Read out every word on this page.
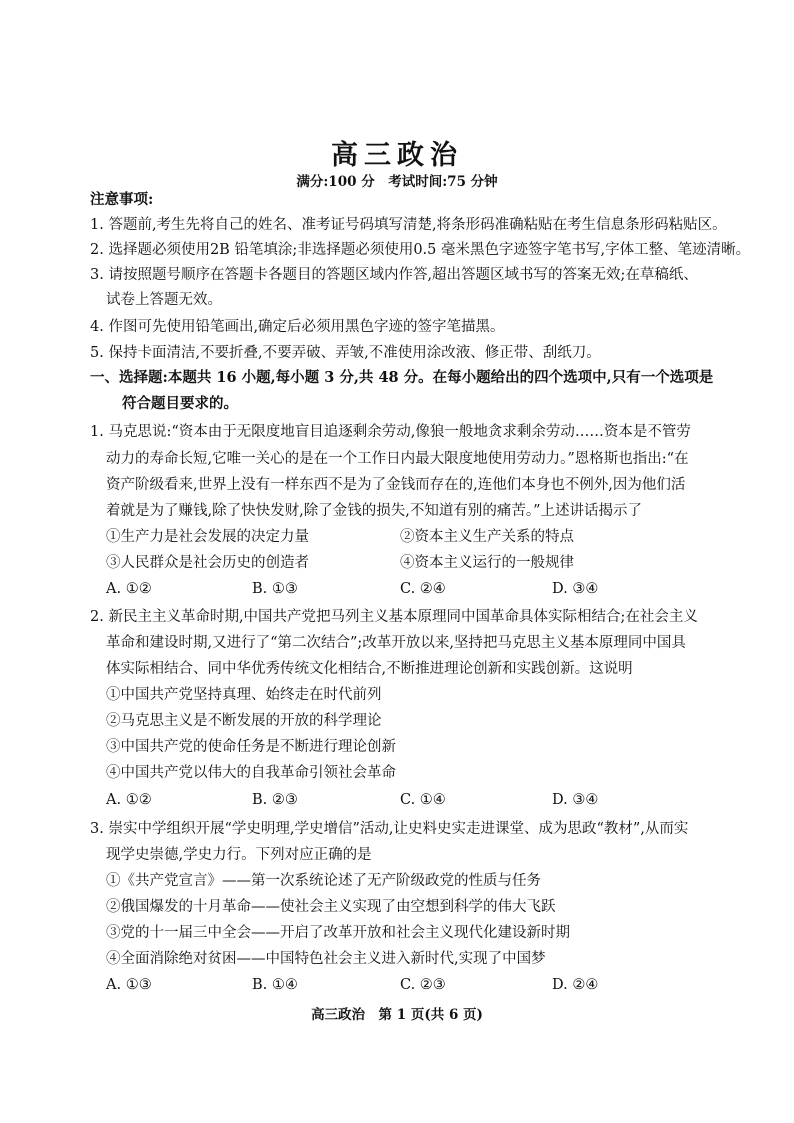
高三政治
满分:100 分　考试时间:75 分钟
注意事项:
1. 答题前,考生先将自己的姓名、准考证号码填写清楚,将条形码准确粘贴在考生信息条形码粘贴区。
2. 选择题必须使用2B 铅笔填涂;非选择题必须使用0.5 毫米黑色字迹签字笔书写,字体工整、笔迹清晰。
3. 请按照题号顺序在答题卡各题目的答题区域内作答,超出答题区域书写的答案无效;在草稿纸、
试卷上答题无效。
4. 作图可先使用铅笔画出,确定后必须用黑色字迹的签字笔描黑。
5. 保持卡面清洁,不要折叠,不要弄破、弄皱,不准使用涂改液、修正带、刮纸刀。
一、选择题:本题共 16 小题,每小题 3 分,共 48 分。在每小题给出的四个选项中,只有一个选项是
符合题目要求的。
1. 马克思说:“资本由于无限度地盲目追逐剩余劳动,像狼一般地贪求剩余劳动……资本是不管劳
动力的寿命长短,它唯一关心的是在一个工作日内最大限度地使用劳动力。”恩格斯也指出:“在
资产阶级看来,世界上没有一样东西不是为了金钱而存在的,连他们本身也不例外,因为他们活
着就是为了赚钱,除了快快发财,除了金钱的损失,不知道有别的痛苦。”上述讲话揭示了
①生产力是社会发展的决定力量	②资本主义生产关系的特点
③人民群众是社会历史的创造者	④资本主义运行的一般规律
A. ①②	B. ①③	C. ②④	D. ③④
2. 新民主主义革命时期,中国共产党把马列主义基本原理同中国革命具体实际相结合;在社会主义
革命和建设时期,又进行了“第二次结合”;改革开放以来,坚持把马克思主义基本原理同中国具
体实际相结合、同中华优秀传统文化相结合,不断推进理论创新和实践创新。这说明
①中国共产党坚持真理、始终走在时代前列
②马克思主义是不断发展的开放的科学理论
③中国共产党的使命任务是不断进行理论创新
④中国共产党以伟大的自我革命引领社会革命
A. ①②	B. ②③	C. ①④	D. ③④
3. 崇实中学组织开展“学史明理,学史增信”活动,让史料史实走进课堂、成为思政“教材”,从而实
现学史崇德,学史力行。下列对应正确的是
①《共产党宣言》——第一次系统论述了无产阶级政党的性质与任务
②俄国爆发的十月革命——使社会主义实现了由空想到科学的伟大飞跃
③党的十一届三中全会——开启了改革开放和社会主义现代化建设新时期
④全面消除绝对贫困——中国特色社会主义进入新时代,实现了中国梦
A. ①③	B. ①④	C. ②③	D. ②④
高三政治　第 1 页(共 6 页)
